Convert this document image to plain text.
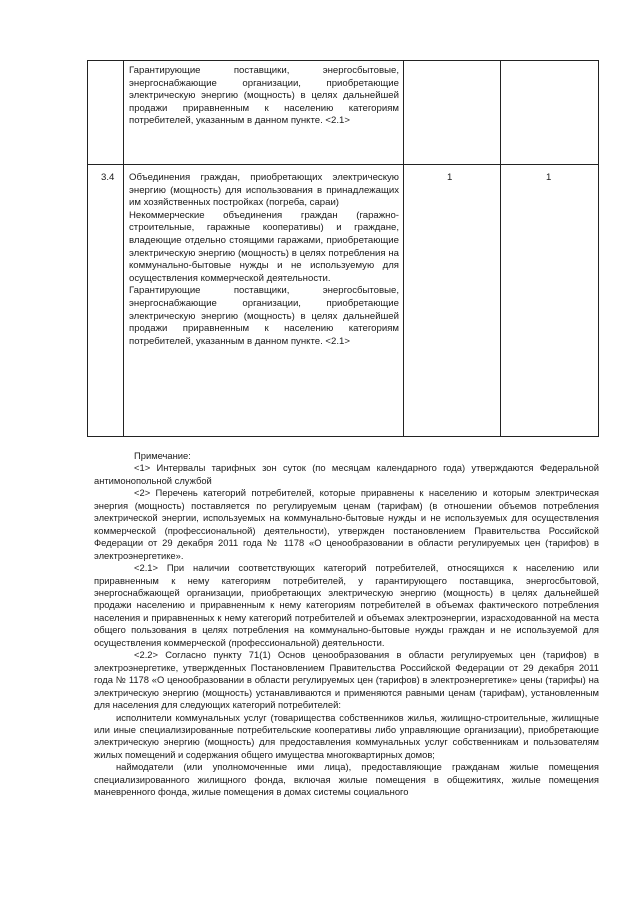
Гарантирующие поставщики, энергосбытовые, энергоснабжающие организации, приобретающие электрическую энергию (мощность) в целях дальнейшей продажи приравненным к населению категориям потребителей, указанным в данном пункте. <2.1>

3.4 Объединения граждан, приобретающих электрическую энергию (мощность) для использования в принадлежащих им хозяйственных постройках (погреба, сараи)

Некоммерческие объединения граждан (гаражно-строительные, гаражные кооперативы) и граждане, владеющие отдельно стоящими гаражами, приобретающие электрическую энергию (мощность) в целях потребления на коммунально-бытовые нужды и не используемую для осуществления коммерческой деятельности.

Гарантирующие поставщики, энергосбытовые, энергоснабжающие организации, приобретающие электрическую энергию (мощность) в целях дальнейшей продажи приравненным к населению категориям потребителей, указанным в данном пункте. <2.1>

1	1

Примечание:

<1> Интервалы тарифных зон суток (по месяцам календарного года) утверждаются Федеральной антимонопольной службой

<2> Перечень категорий потребителей, которые приравнены к населению и которым электрическая энергия (мощность) поставляется по регулируемым ценам (тарифам) (в отношении объемов потребления электрической энергии, используемых на коммунально-бытовые нужды и не используемых для осуществления коммерческой (профессиональной) деятельности), утвержден постановлением Правительства Российской Федерации от 29 декабря 2011 года № 1178 «О ценообразовании в области регулируемых цен (тарифов) в электроэнергетике».

<2.1> При наличии соответствующих категорий потребителей, относящихся к населению или приравненным к нему категориям потребителей, у гарантирующего поставщика, энергосбытовой, энергоснабжающей организации, приобретающих электрическую энергию (мощность) в целях дальнейшей продажи населению и приравненным к нему категориям потребителей в объемах фактического потребления населения и приравненных к нему категорий потребителей и объемах электроэнергии, израсходованной на места общего пользования в целях потребления на коммунально-бытовые нужды граждан и не используемой для осуществления коммерческой (профессиональной) деятельности.

<2.2> Согласно пункту 71(1) Основ ценообразования в области регулируемых цен (тарифов) в электроэнергетике, утвержденных Постановлением Правительства Российской Федерации от 29 декабря 2011 года № 1178 «О ценообразовании в области регулируемых цен (тарифов) в электроэнергетике» цены (тарифы) на электрическую энергию (мощность) устанавливаются и применяются равными ценам (тарифам), установленным для населения для следующих категорий потребителей:

исполнители коммунальных услуг (товарищества собственников жилья, жилищно-строительные, жилищные или иные специализированные потребительские кооперативы либо управляющие организации), приобретающие электрическую энергию (мощность) для предоставления коммунальных услуг собственникам и пользователям жилых помещений и содержания общего имущества многоквартирных домов;

наймодатели (или уполномоченные ими лица), предоставляющие гражданам жилые помещения специализированного жилищного фонда, включая жилые помещения в общежитиях, жилые помещения маневренного фонда, жилые помещения в домах системы социального
